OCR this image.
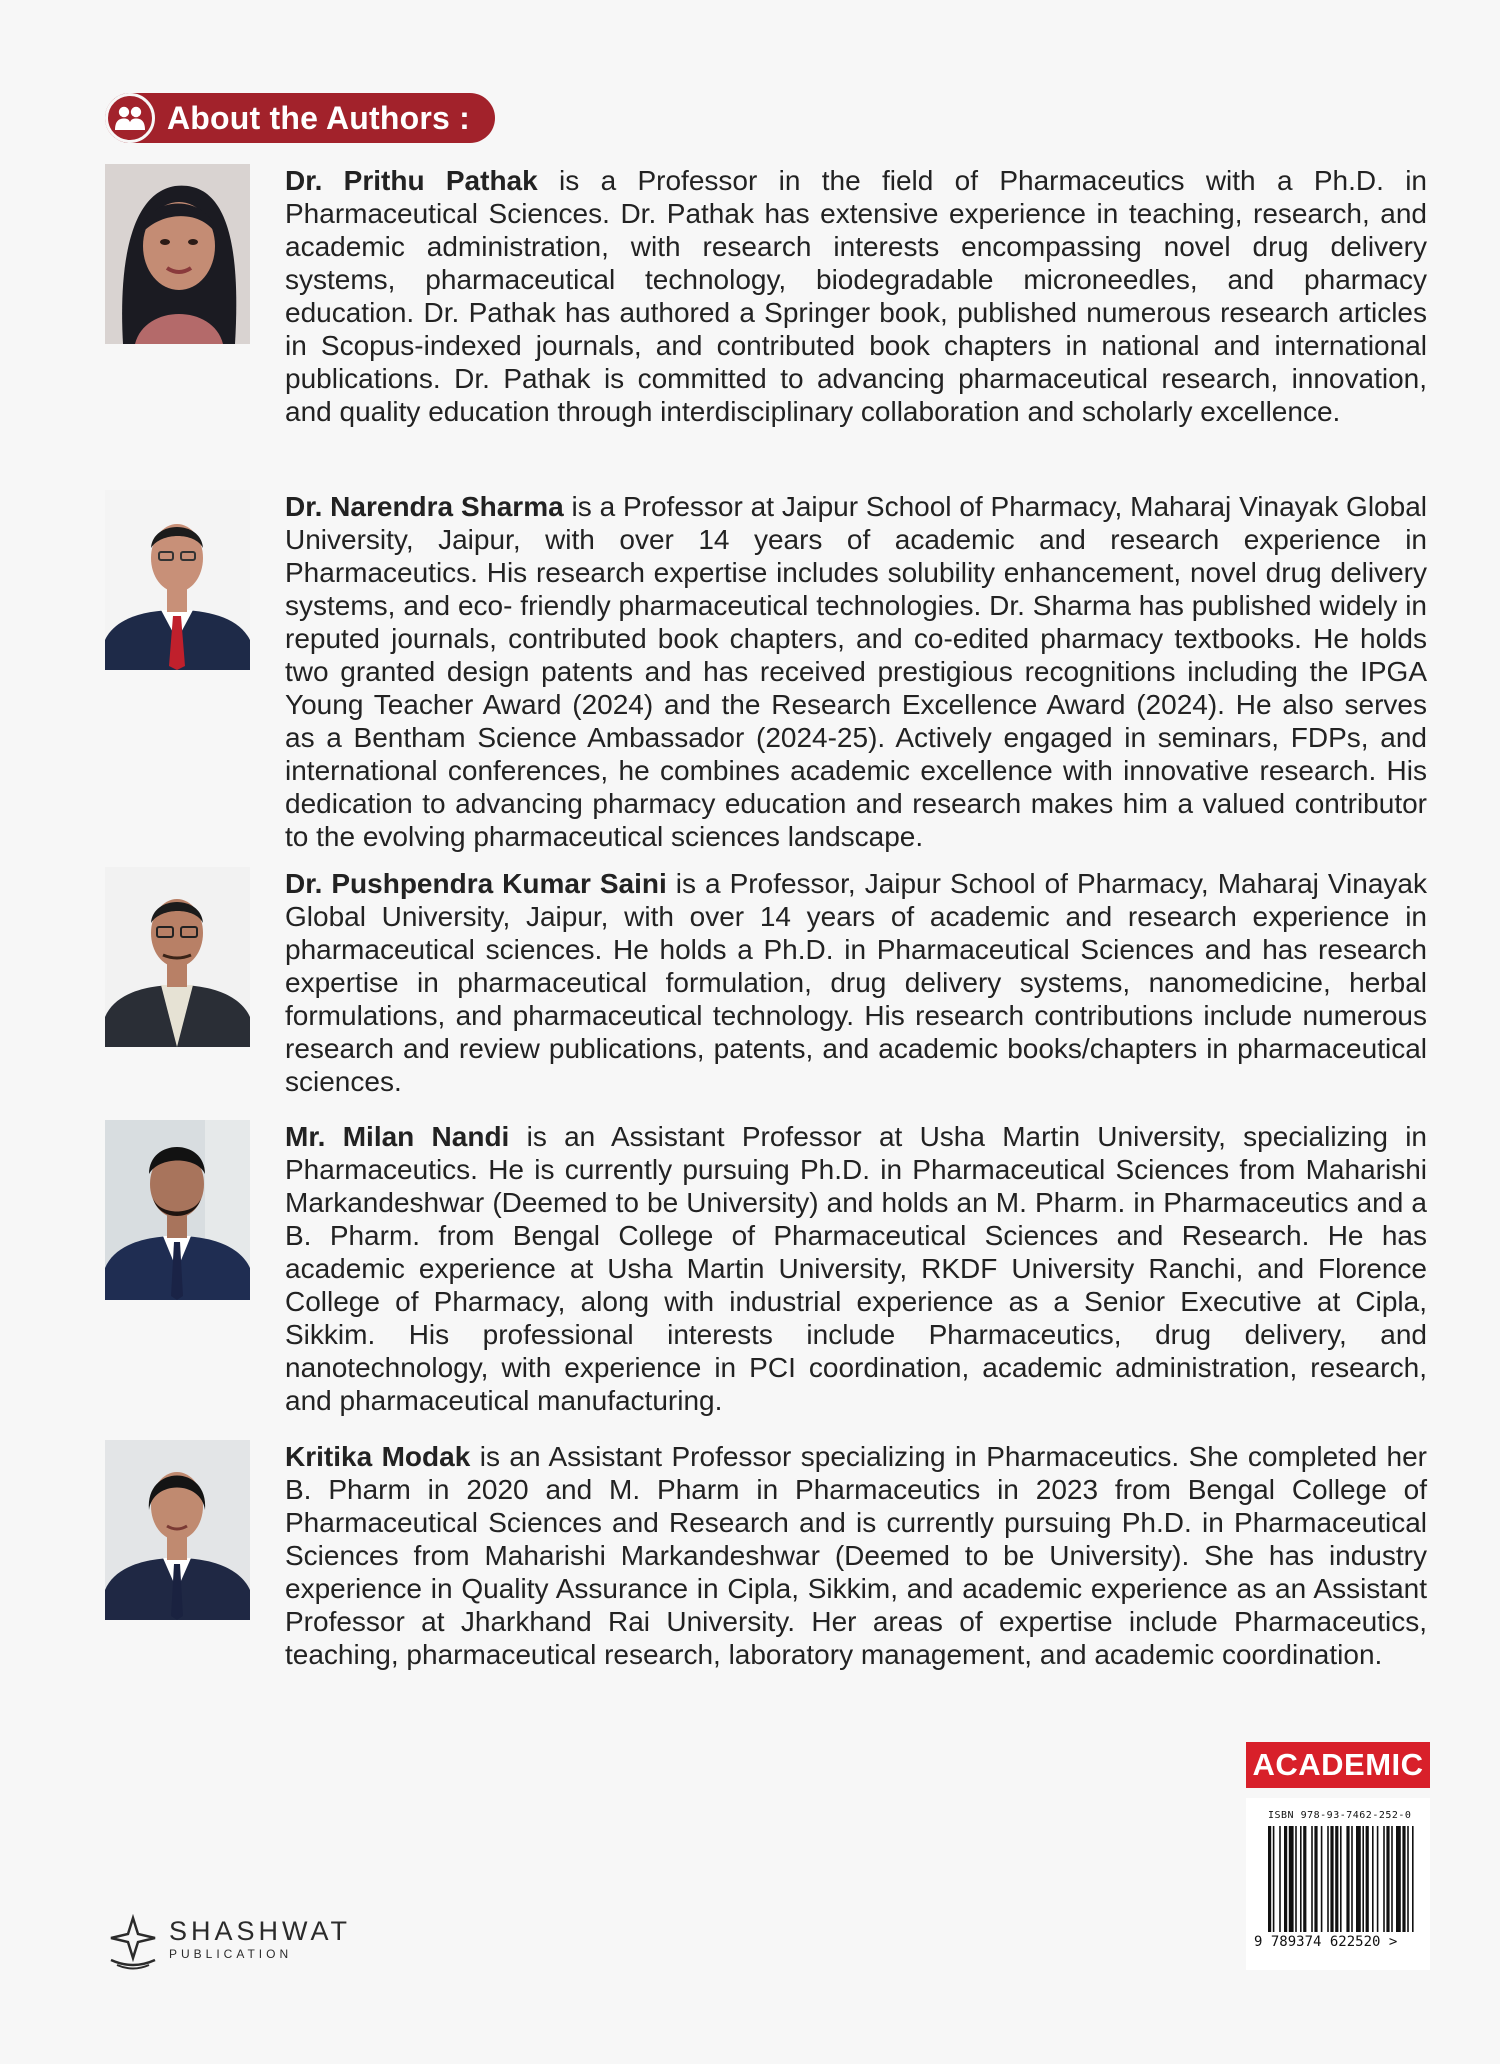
About the Authors :

Dr. Prithu Pathak is a Professor in the field of Pharmaceutics with a Ph.D. in Pharmaceutical Sciences. Dr. Pathak has extensive experience in teaching, research, and academic administration, with research interests encompassing novel drug delivery systems, pharmaceutical technology, biodegradable microneedles, and pharmacy education. Dr. Pathak has authored a Springer book, published numerous research articles in Scopus-indexed journals, and contributed book chapters in national and international publications. Dr. Pathak is committed to advancing pharmaceutical research, innovation, and quality education through interdisciplinary collaboration and scholarly excellence.

Dr. Narendra Sharma is a Professor at Jaipur School of Pharmacy, Maharaj Vinayak Global University, Jaipur, with over 14 years of academic and research experience in Pharmaceutics. His research expertise includes solubility enhancement, novel drug delivery systems, and eco- friendly pharmaceutical technologies. Dr. Sharma has published widely in reputed journals, contributed book chapters, and co-edited pharmacy textbooks. He holds two granted design patents and has received prestigious recognitions including the IPGA Young Teacher Award (2024) and the Research Excellence Award (2024). He also serves as a Bentham Science Ambassador (2024-25). Actively engaged in seminars, FDPs, and international conferences, he combines academic excellence with innovative research. His dedication to advancing pharmacy education and research makes him a valued contributor to the evolving pharmaceutical sciences landscape.

Dr. Pushpendra Kumar Saini is a Professor, Jaipur School of Pharmacy, Maharaj Vinayak Global University, Jaipur, with over 14 years of academic and research experience in pharmaceutical sciences. He holds a Ph.D. in Pharmaceutical Sciences and has research expertise in pharmaceutical formulation, drug delivery systems, nanomedicine, herbal formulations, and pharmaceutical technology. His research contributions include numerous research and review publications, patents, and academic books/chapters in pharmaceutical sciences.

Mr. Milan Nandi is an Assistant Professor at Usha Martin University, specializing in Pharmaceutics. He is currently pursuing Ph.D. in Pharmaceutical Sciences from Maharishi Markandeshwar (Deemed to be University) and holds an M. Pharm. in Pharmaceutics and a B. Pharm. from Bengal College of Pharmaceutical Sciences and Research. He has academic experience at Usha Martin University, RKDF University Ranchi, and Florence College of Pharmacy, along with industrial experience as a Senior Executive at Cipla, Sikkim. His professional interests include Pharmaceutics, drug delivery, and nanotechnology, with experience in PCI coordination, academic administration, research, and pharmaceutical manufacturing.

Kritika Modak is an Assistant Professor specializing in Pharmaceutics. She completed her B. Pharm in 2020 and M. Pharm in Pharmaceutics in 2023 from Bengal College of Pharmaceutical Sciences and Research and is currently pursuing Ph.D. in Pharmaceutical Sciences from Maharishi Markandeshwar (Deemed to be University). She has industry experience in Quality Assurance in Cipla, Sikkim, and academic experience as an Assistant Professor at Jharkhand Rai University. Her areas of expertise include Pharmaceutics, teaching, pharmaceutical research, laboratory management, and academic coordination.

SHASHWAT
PUBLICATION
ACADEMIC
ISBN 978-93-7462-252-0
9 789374 622520 >
